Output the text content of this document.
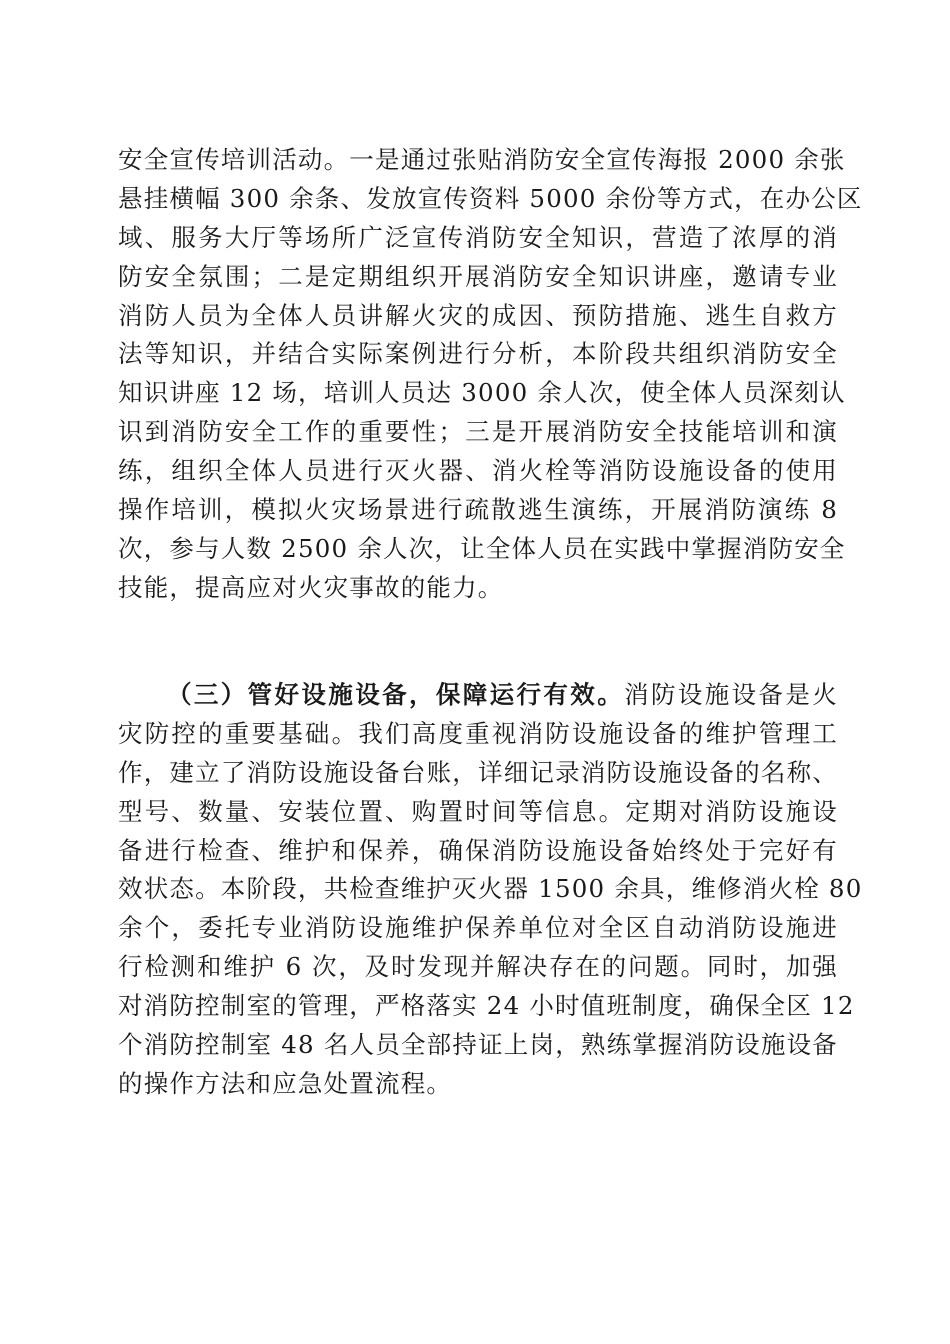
安全宣传培训活动。一是通过张贴消防安全宣传海报 2000 余张
悬挂横幅 300 余条、发放宣传资料 5000 余份等方式，在办公区
域、服务大厅等场所广泛宣传消防安全知识，营造了浓厚的消
防安全氛围；二是定期组织开展消防安全知识讲座，邀请专业
消防人员为全体人员讲解火灾的成因、预防措施、逃生自救方
法等知识，并结合实际案例进行分析，本阶段共组织消防安全
知识讲座 12 场，培训人员达 3000 余人次，使全体人员深刻认
识到消防安全工作的重要性；三是开展消防安全技能培训和演
练，组织全体人员进行灭火器、消火栓等消防设施设备的使用
操作培训，模拟火灾场景进行疏散逃生演练，开展消防演练 8
次，参与人数 2500 余人次，让全体人员在实践中掌握消防安全
技能，提高应对火灾事故的能力。
（三）管好设施设备，保障运行有效。消防设施设备是火
灾防控的重要基础。我们高度重视消防设施设备的维护管理工
作，建立了消防设施设备台账，详细记录消防设施设备的名称、
型号、数量、安装位置、购置时间等信息。定期对消防设施设
备进行检查、维护和保养，确保消防设施设备始终处于完好有
效状态。本阶段，共检查维护灭火器 1500 余具，维修消火栓 80
余个，委托专业消防设施维护保养单位对全区自动消防设施进
行检测和维护 6 次，及时发现并解决存在的问题。同时，加强
对消防控制室的管理，严格落实 24 小时值班制度，确保全区 12
个消防控制室 48 名人员全部持证上岗，熟练掌握消防设施设备
的操作方法和应急处置流程。
